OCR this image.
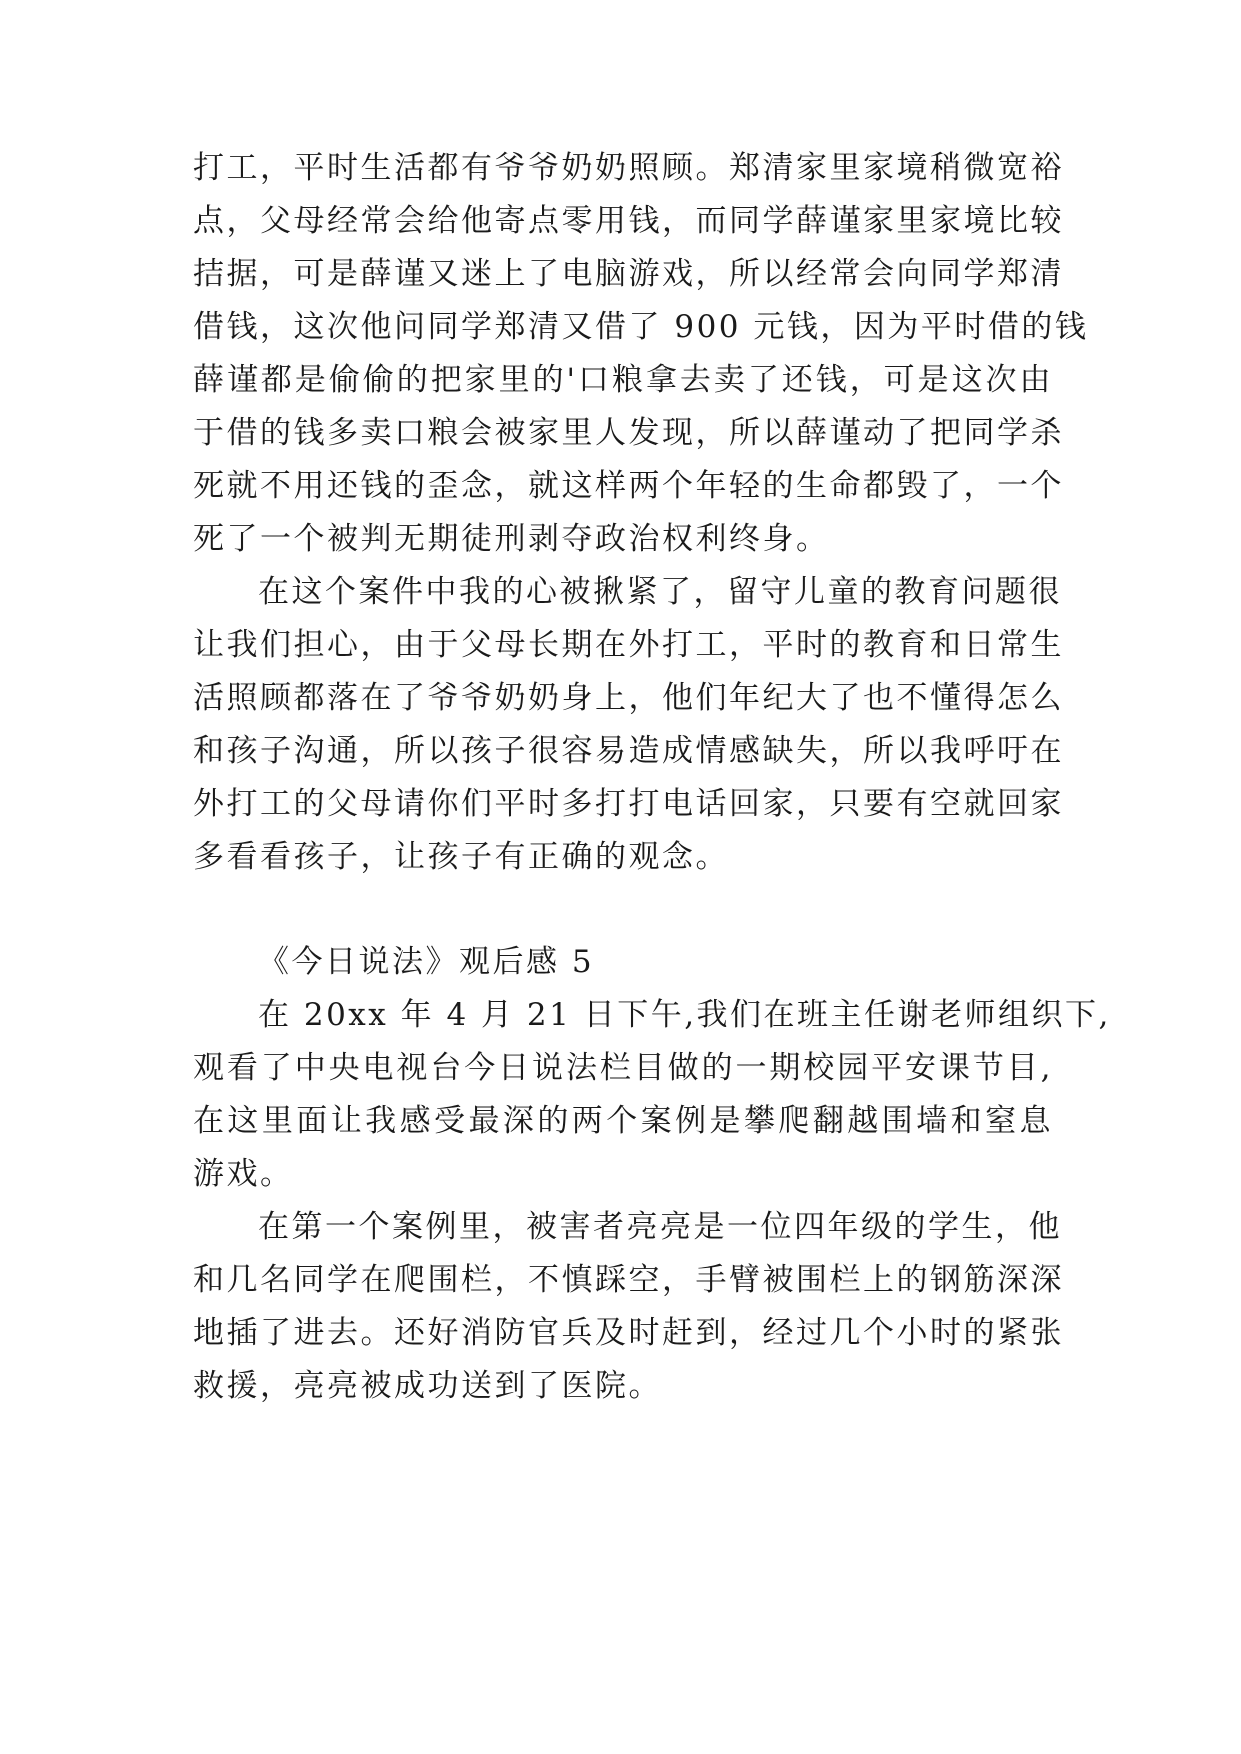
打工，平时生活都有爷爷奶奶照顾。郑清家里家境稍微宽裕
点，父母经常会给他寄点零用钱，而同学薛谨家里家境比较
拮据，可是薛谨又迷上了电脑游戏，所以经常会向同学郑清
借钱，这次他问同学郑清又借了 900 元钱，因为平时借的钱
薛谨都是偷偷的把家里的'口粮拿去卖了还钱，可是这次由
于借的钱多卖口粮会被家里人发现，所以薛谨动了把同学杀
死就不用还钱的歪念，就这样两个年轻的生命都毁了，一个
死了一个被判无期徒刑剥夺政治权利终身。
在这个案件中我的心被揪紧了，留守儿童的教育问题很
让我们担心，由于父母长期在外打工，平时的教育和日常生
活照顾都落在了爷爷奶奶身上，他们年纪大了也不懂得怎么
和孩子沟通，所以孩子很容易造成情感缺失，所以我呼吁在
外打工的父母请你们平时多打打电话回家，只要有空就回家
多看看孩子，让孩子有正确的观念。
《今日说法》观后感 5
在 20xx 年 4 月 21 日下午,我们在班主任谢老师组织下,
观看了中央电视台今日说法栏目做的一期校园平安课节目,
在这里面让我感受最深的两个案例是攀爬翻越围墙和窒息
游戏。
在第一个案例里，被害者亮亮是一位四年级的学生，他
和几名同学在爬围栏，不慎踩空，手臂被围栏上的钢筋深深
地插了进去。还好消防官兵及时赶到，经过几个小时的紧张
救援，亮亮被成功送到了医院。
